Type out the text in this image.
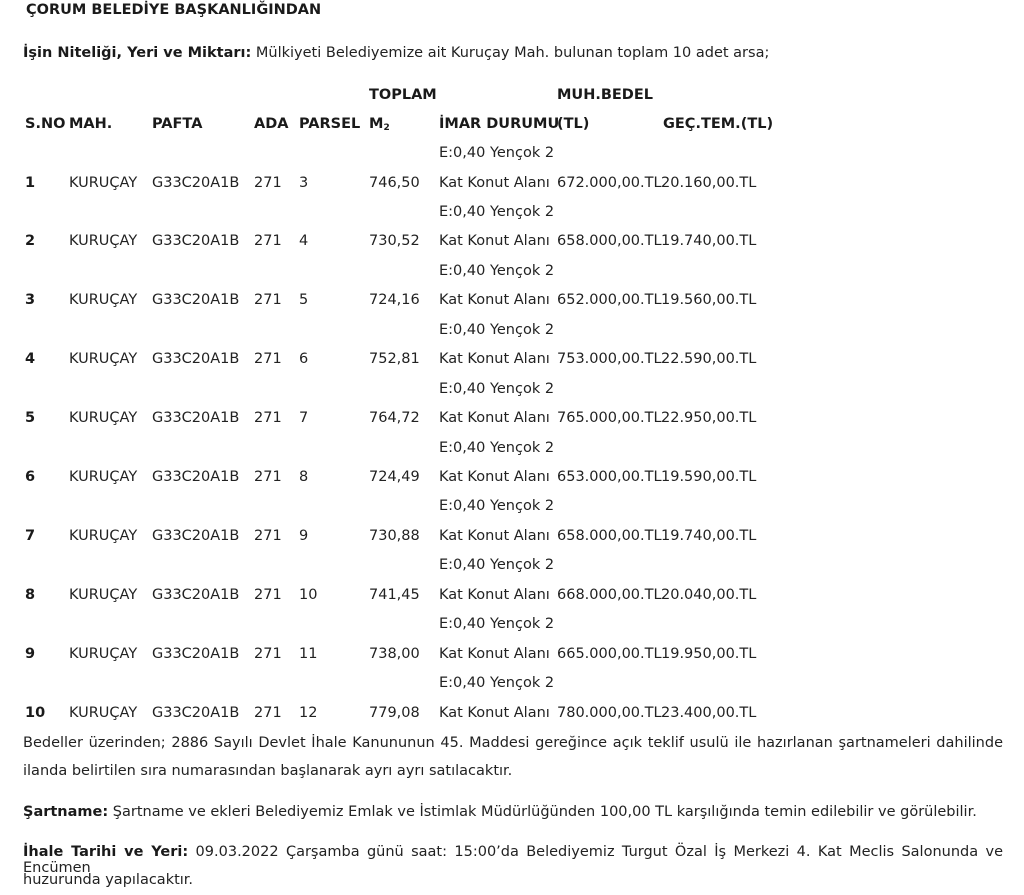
ÇORUM BELEDİYE BAŞKANLIĞINDAN
İşin Niteliği, Yeri ve Miktarı: Mülkiyeti Belediyemize ait Kuruçay Mah. bulunan toplam 10 adet arsa;
TOPLAM	MUH.BEDEL
S.NO MAH.	PAFTA	ADA PARSEL $M_2$	İMAR DURUMU
(TL)	GEÇ.TEM.(TL)
E:0,40 Yençok 2
1 KURUÇAY G33C20A1B 271 3	746,50 Kat Konut Alanı 672.000,00.TL 20.160,00.TL
E:0,40 Yençok 2
2 KURUÇAY G33C20A1B 271 4	730,52 Kat Konut Alanı 658.000,00.TL 19.740,00.TL
E:0,40 Yençok 2
3 KURUÇAY G33C20A1B 271 5	724,16 Kat Konut Alanı 652.000,00.TL 19.560,00.TL
E:0,40 Yençok 2
4 KURUÇAY G33C20A1B 271 6	752,81 Kat Konut Alanı 753.000,00.TL 22.590,00.TL
E:0,40 Yençok 2
5 KURUÇAY G33C20A1B 271 7	764,72 Kat Konut Alanı 765.000,00.TL 22.950,00.TL
E:0,40 Yençok 2
6 KURUÇAY G33C20A1B 271 8	724,49 Kat Konut Alanı 653.000,00.TL 19.590,00.TL
E:0,40 Yençok 2
7 KURUÇAY G33C20A1B 271 9	730,88 Kat Konut Alanı 658.000,00.TL 19.740,00.TL
E:0,40 Yençok 2
8 KURUÇAY G33C20A1B 271 10	741,45 Kat Konut Alanı 668.000,00.TL 20.040,00.TL
E:0,40 Yençok 2
9 KURUÇAY G33C20A1B 271 11	738,00 Kat Konut Alanı 665.000,00.TL 19.950,00.TL
E:0,40 Yençok 2
10 KURUÇAY G33C20A1B 271 12	779,08 Kat Konut Alanı 780.000,00.TL 23.400,00.TL
Bedeller üzerinden; 2886 Sayılı Devlet İhale Kanununun 45. Maddesi gereğince açık teklif usulü ile hazırlanan şartnameleri dahilinde
ilanda belirtilen sıra numarasından başlanarak ayrı ayrı satılacaktır.
Şartname: Şartname ve ekleri Belediyemiz Emlak ve İstimlak Müdürlüğünden 100,00 TL karşılığında temin edilebilir ve görülebilir.
İhale Tarihi ve Yeri: 09.03.2022 Çarşamba günü saat: 15:00’da Belediyemiz Turgut Özal İş Merkezi 4. Kat Meclis Salonunda ve Encümen
huzurunda yapılacaktır.
